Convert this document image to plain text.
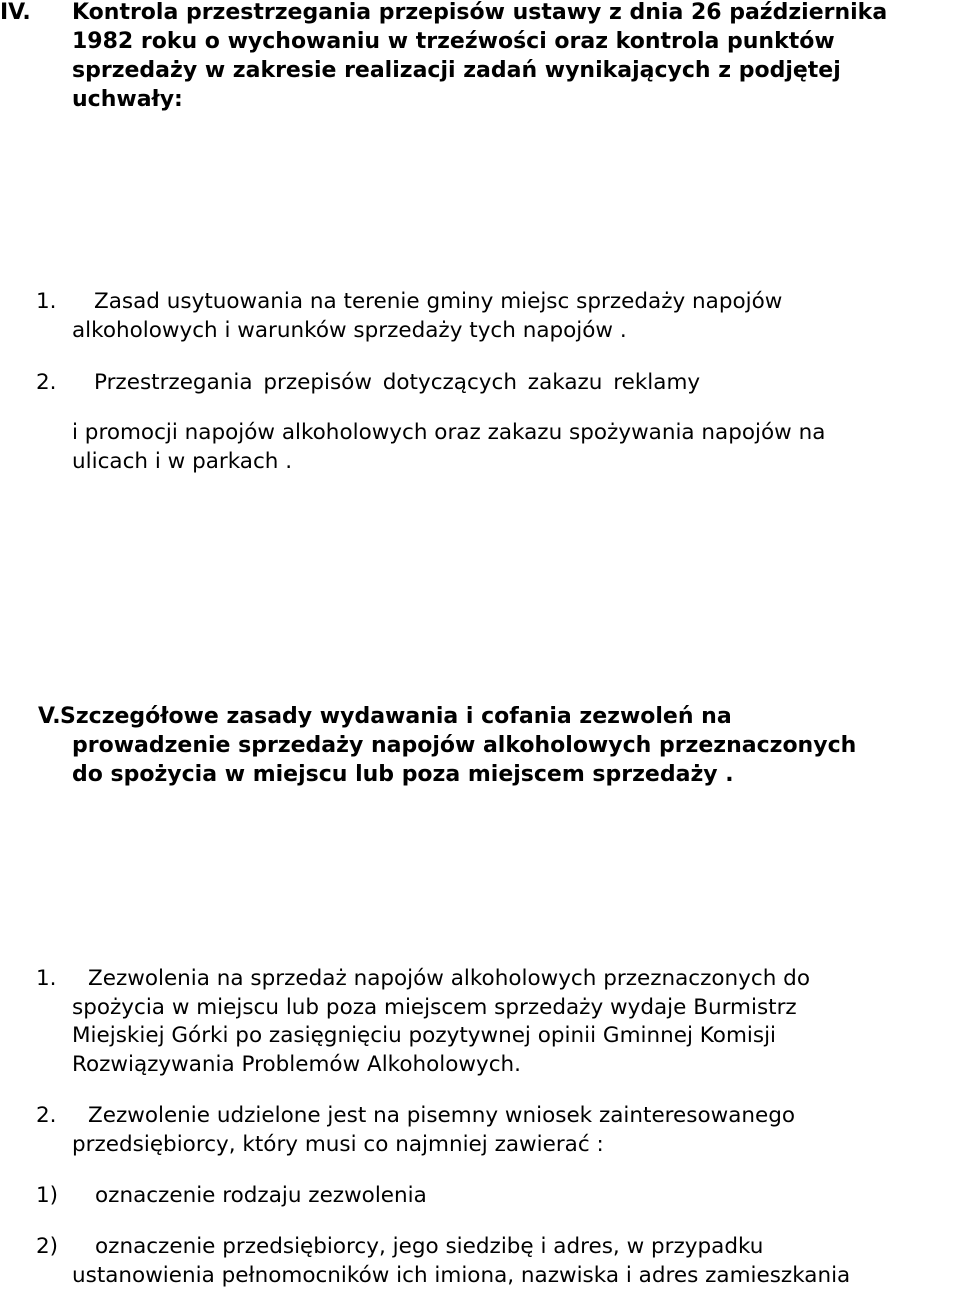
IV. Kontrola przestrzegania przepisów ustawy z dnia 26 października
1982 roku o wychowaniu w trzeźwości oraz kontrola punktów
sprzedaży w zakresie realizacji zadań wynikających z podjętej
uchwały:
1. Zasad usytuowania na terenie gminy miejsc sprzedaży napojów
alkoholowych i warunków sprzedaży tych napojów .
2. Przestrzegania przepisów dotyczących zakazu reklamy
i promocji napojów alkoholowych oraz zakazu spożywania napojów na
ulicach i w parkach .
V. Szczegółowe zasady wydawania i cofania zezwoleń na
prowadzenie sprzedaży napojów alkoholowych przeznaczonych
do spożycia w miejscu lub poza miejscem sprzedaży .
1. Zezwolenia na sprzedaż napojów alkoholowych przeznaczonych do
spożycia w miejscu lub poza miejscem sprzedaży wydaje Burmistrz
Miejskiej Górki po zasięgnięciu pozytywnej opinii Gminnej Komisji
Rozwiązywania Problemów Alkoholowych.
2. Zezwolenie udzielone jest na pisemny wniosek zainteresowanego
przedsiębiorcy, który musi co najmniej zawierać :
1) oznaczenie rodzaju zezwolenia
2) oznaczenie przedsiębiorcy, jego siedzibę i adres, w przypadku
ustanowienia pełnomocników ich imiona, nazwiska i adres zamieszkania
